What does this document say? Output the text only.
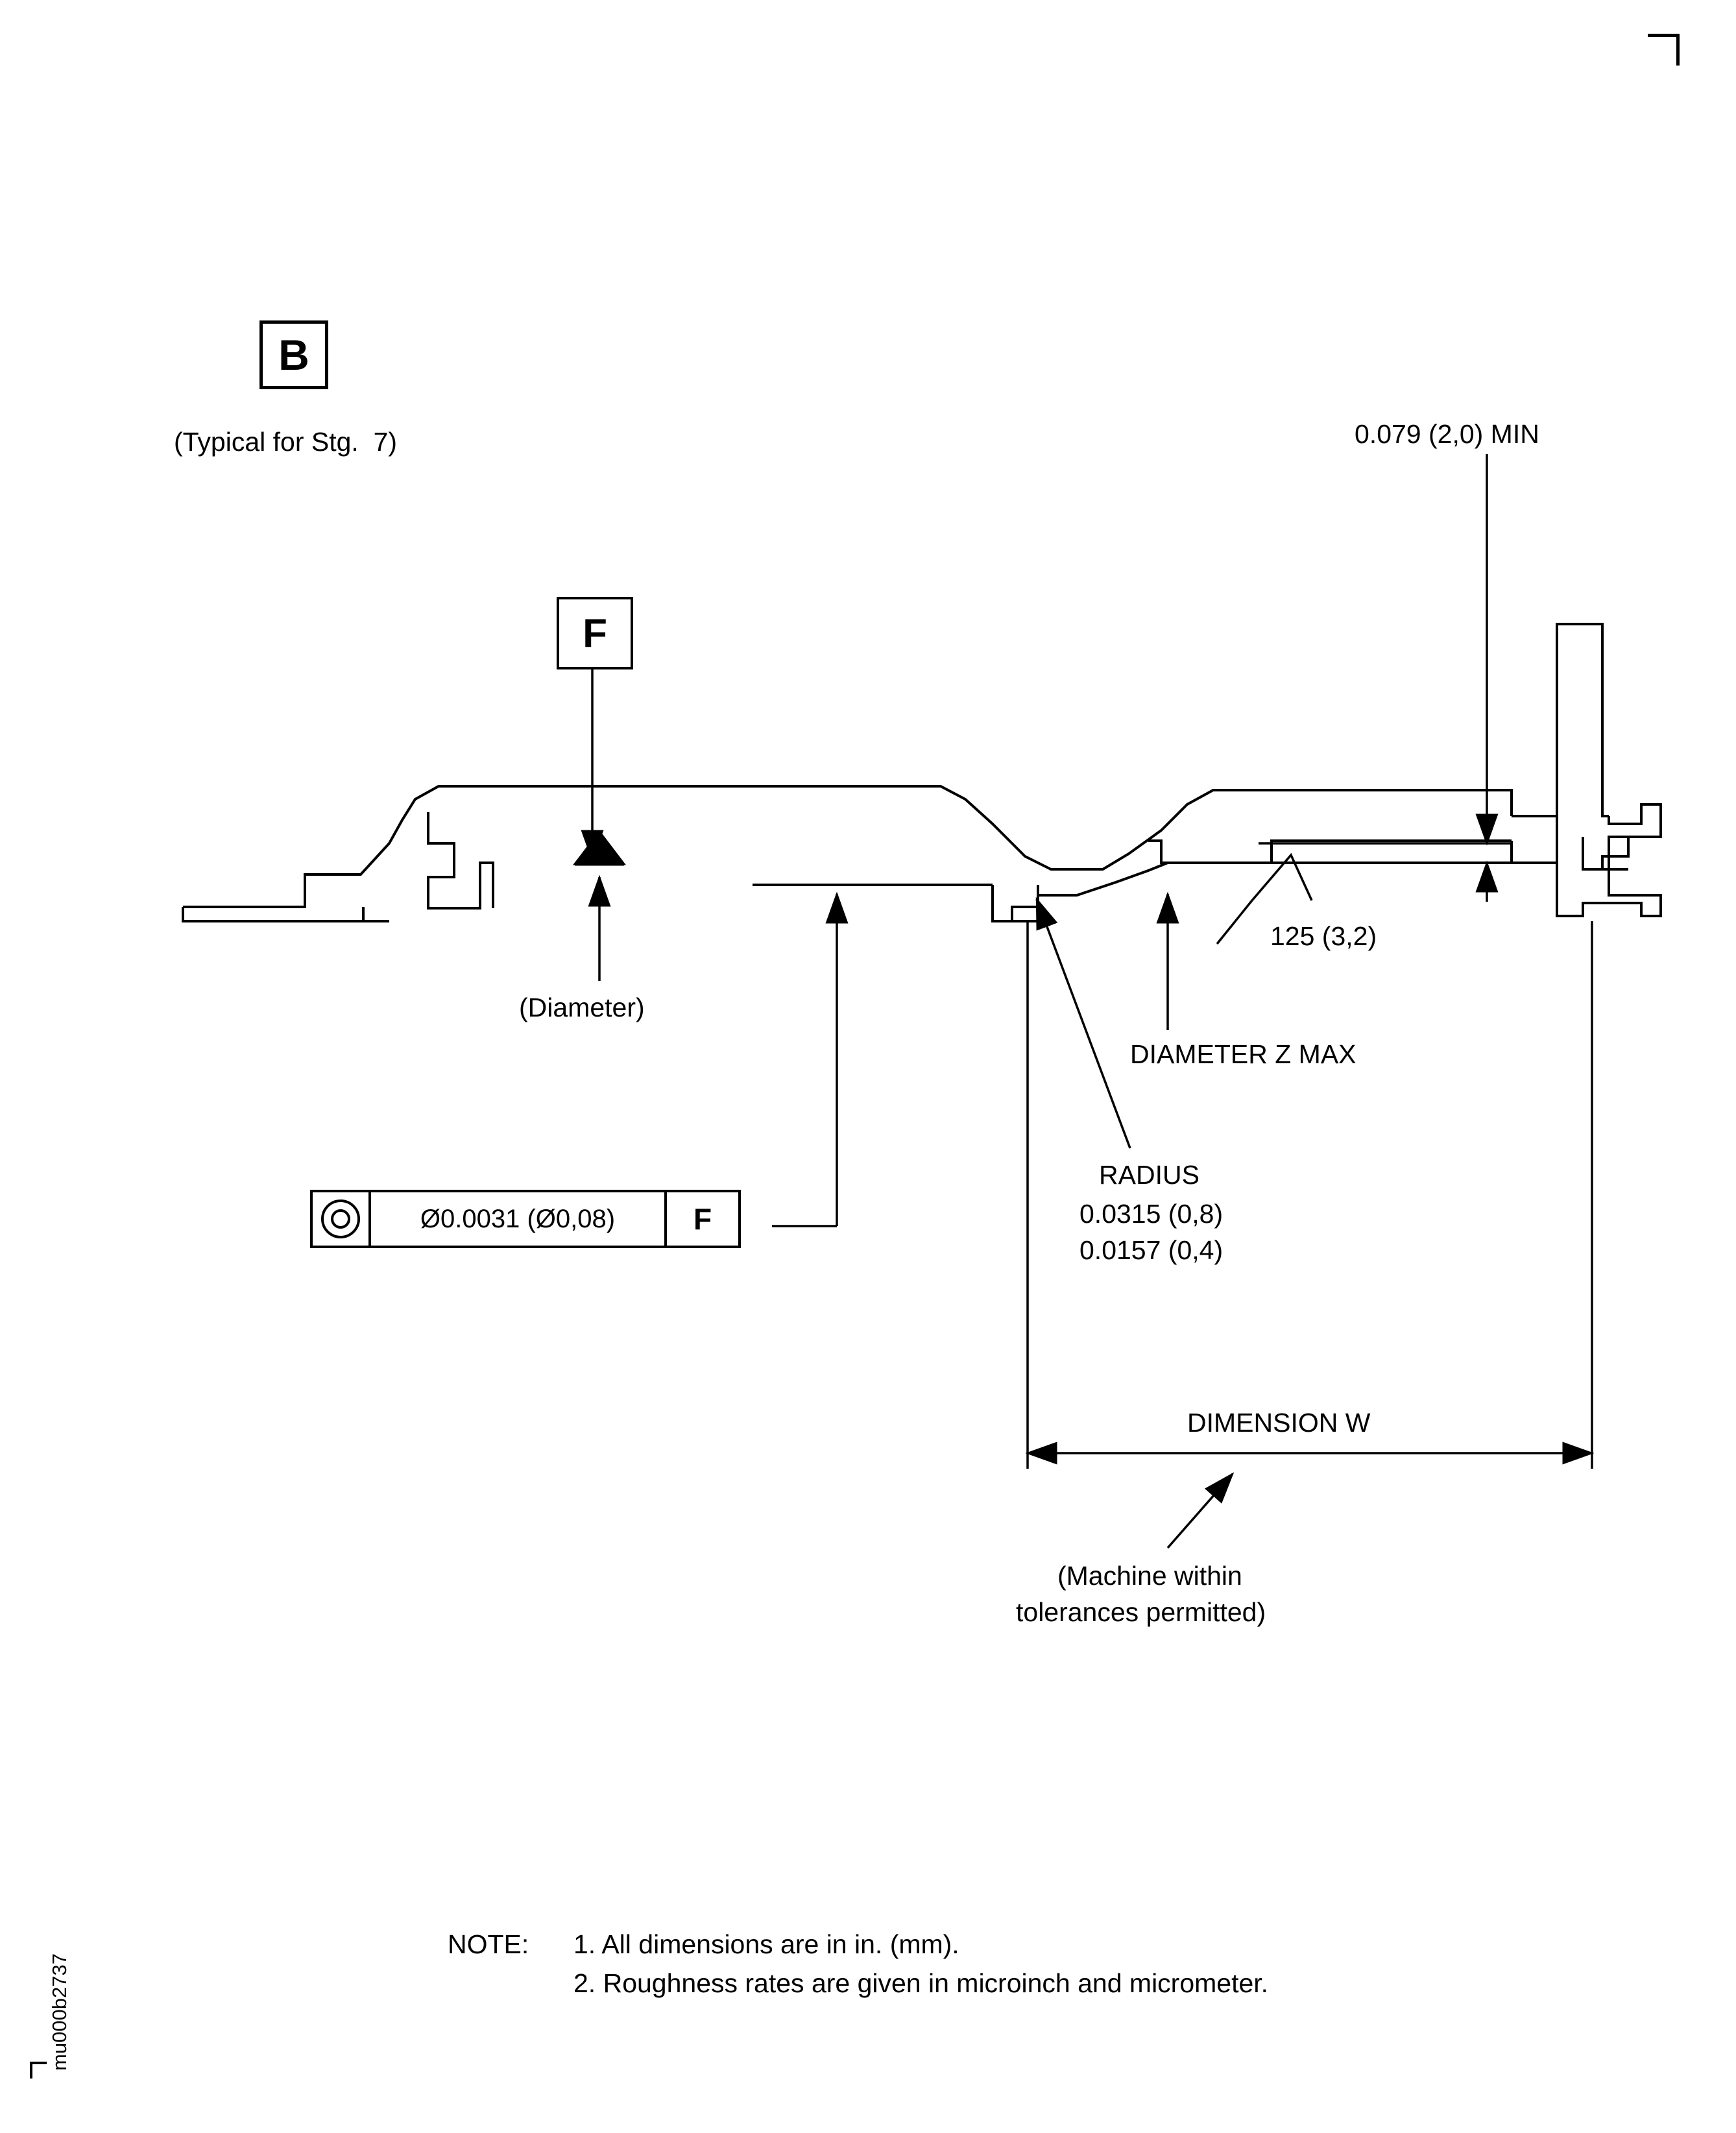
B
(Typical for Stg.  7)
F
0.079 (2,0) MIN
125 (3,2)
(Diameter)
DIAMETER Z MAX
RADIUS
0.0315 (0,8)
0.0157 (0,4)
Ø0.0031 (Ø0,08)	F
DIMENSION W
(Machine within
tolerances permitted)
NOTE: 1. All dimensions are in in. (mm).
2. Roughness rates are given in microinch and micrometer.
mu000b2737
